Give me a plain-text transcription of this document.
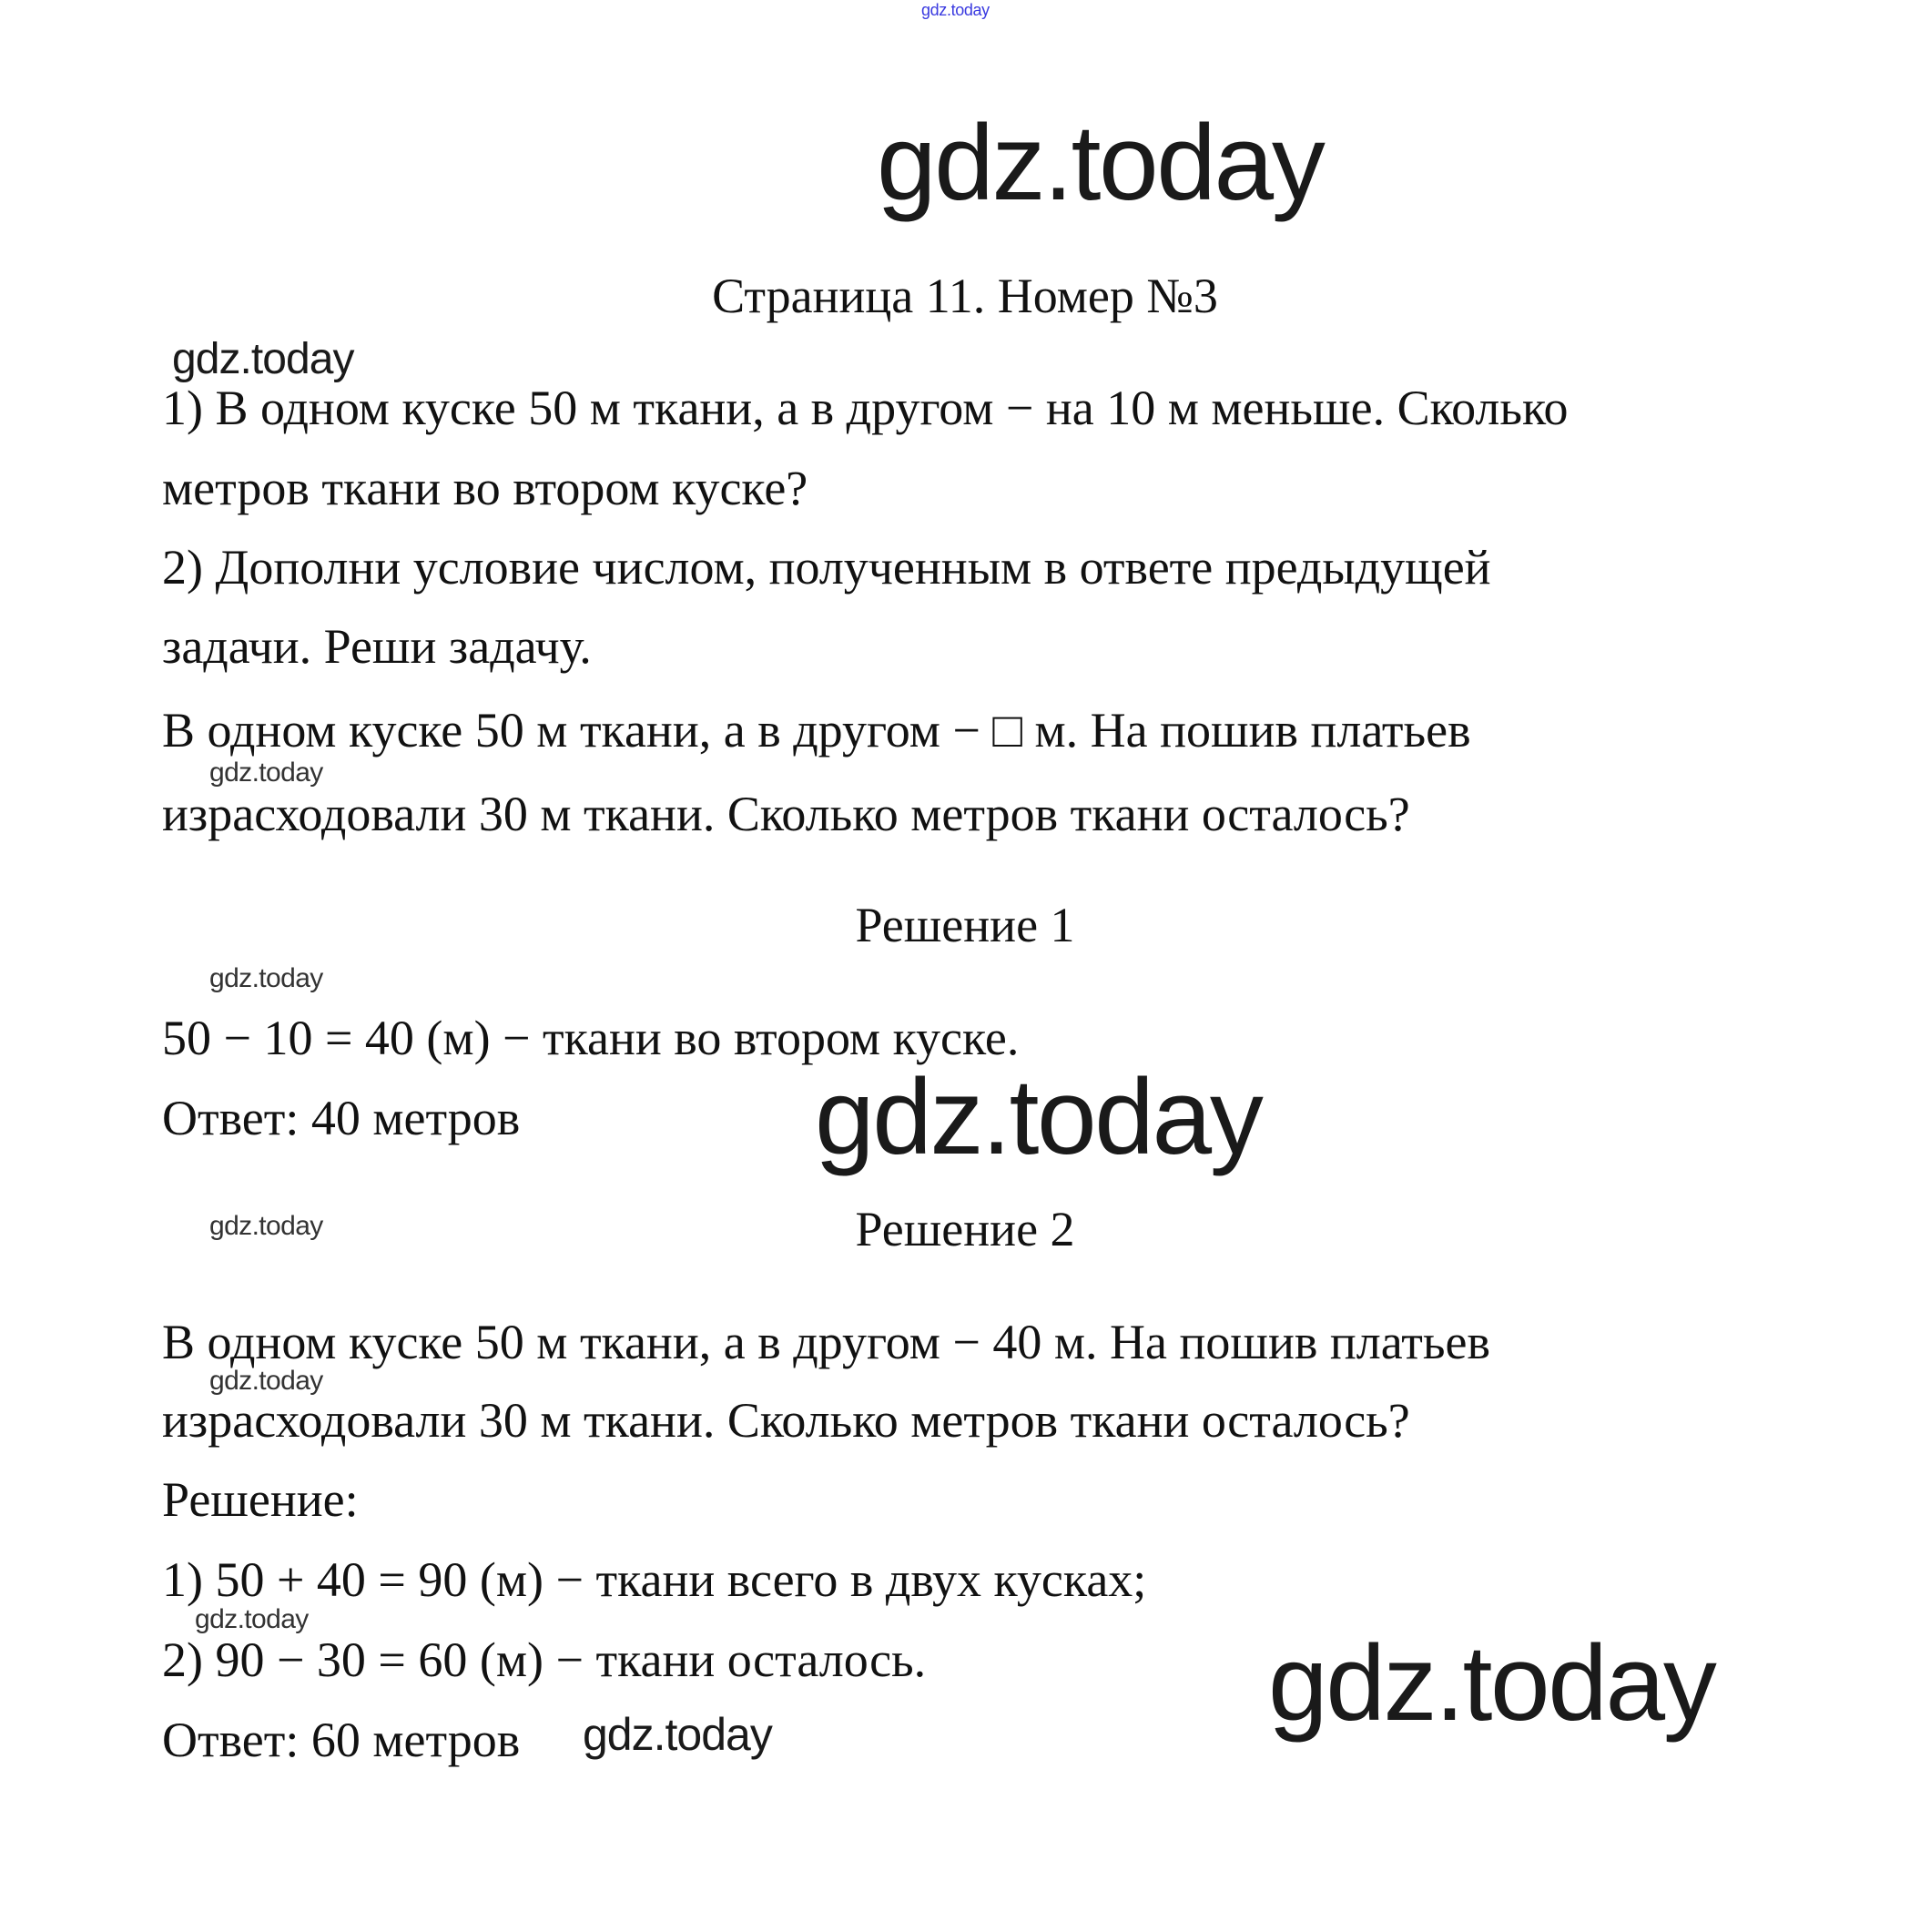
gdz.today
gdz.today
Страница 11. Номер №3
gdz.today
1) В одном куске 50 м ткани, а в другом − на 10 м меньше. Сколько
метров ткани во втором куске?
2) Дополни условие числом, полученным в ответе предыдущей
задачи. Реши задачу.
В одном куске 50 м ткани, а в другом − □ м. На пошив платьев
gdz.today
израсходовали 30 м ткани. Сколько метров ткани осталось?
Решение 1
gdz.today
50 − 10 = 40 (м) − ткани во втором куске.
Ответ: 40 метров	gdz.today
gdz.today	Решение 2
В одном куске 50 м ткани, а в другом − 40 м. На пошив платьев
gdz.today
израсходовали 30 м ткани. Сколько метров ткани осталось?
Решение:
1) 50 + 40 = 90 (м) − ткани всего в двух кусках;
gdz.today
2) 90 − 30 = 60 (м) − ткани осталось.
Ответ: 60 метров gdz.today	gdz.today
